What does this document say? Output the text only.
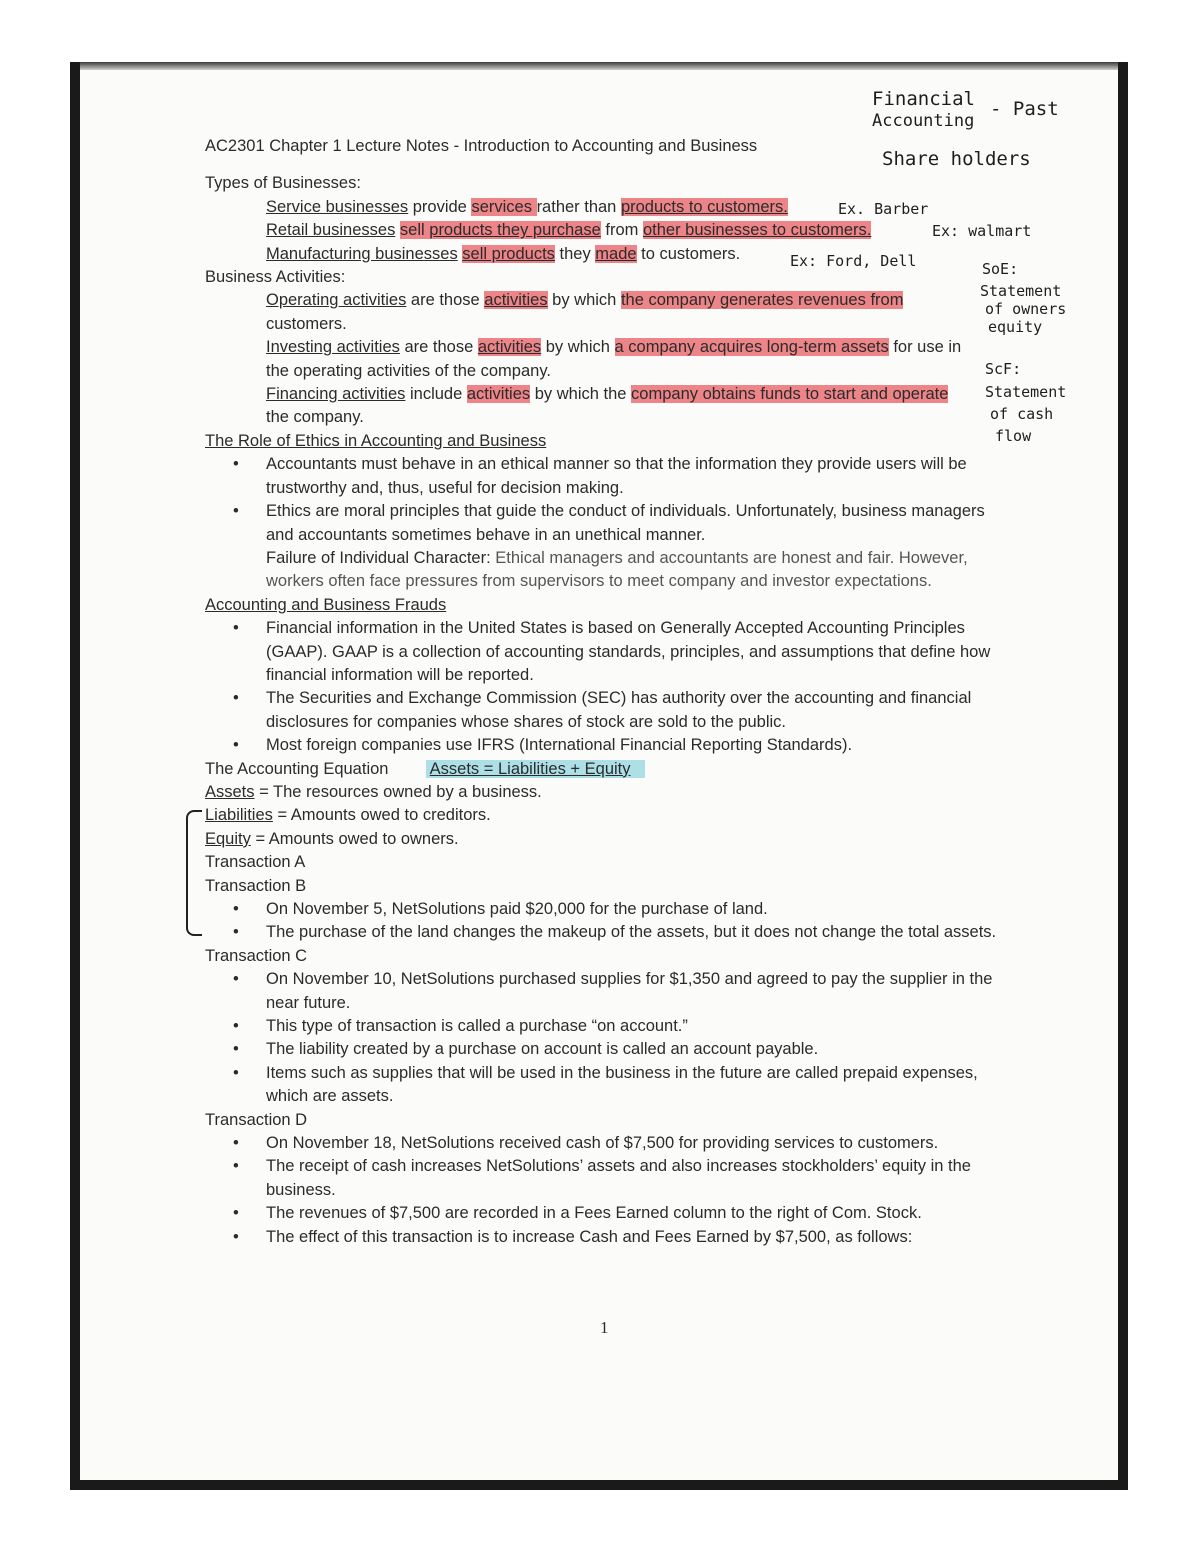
AC2301 Chapter 1 Lecture Notes - Introduction to Accounting and Business
Types of Businesses:
Service businesses provide services rather than products to customers.
Retail businesses sell products they purchase from other businesses to customers.
Manufacturing businesses sell products they made to customers.
Business Activities:
Operating activities are those activities by which the company generates revenues from customers.
Investing activities are those activities by which a company acquires long-term assets for use in the operating activities of the company.
Financing activities include activities by which the company obtains funds to start and operate the company.
The Role of Ethics in Accounting and Business
• Accountants must behave in an ethical manner so that the information they provide users will be trustworthy and, thus, useful for decision making.
• Ethics are moral principles that guide the conduct of individuals. Unfortunately, business managers and accountants sometimes behave in an unethical manner.
Failure of Individual Character: Ethical managers and accountants are honest and fair. However, workers often face pressures from supervisors to meet company and investor expectations.
Accounting and Business Frauds
• Financial information in the United States is based on Generally Accepted Accounting Principles (GAAP). GAAP is a collection of accounting standards, principles, and assumptions that define how financial information will be reported.
• The Securities and Exchange Commission (SEC) has authority over the accounting and financial disclosures for companies whose shares of stock are sold to the public.
• Most foreign companies use IFRS (International Financial Reporting Standards).
The Accounting Equation Assets = Liabilities + Equity
Assets = The resources owned by a business.
Liabilities = Amounts owed to creditors.
Equity = Amounts owed to owners.
Transaction A
Transaction B
• On November 5, NetSolutions paid $20,000 for the purchase of land.
• The purchase of the land changes the makeup of the assets, but it does not change the total assets.
Transaction C
• On November 10, NetSolutions purchased supplies for $1,350 and agreed to pay the supplier in the near future.
• This type of transaction is called a purchase “on account.”
• The liability created by a purchase on account is called an account payable.
• Items such as supplies that will be used in the business in the future are called prepaid expenses, which are assets.
Transaction D
• On November 18, NetSolutions received cash of $7,500 for providing services to customers.
• The receipt of cash increases NetSolutions’ assets and also increases stockholders’ equity in the business.
• The revenues of $7,500 are recorded in a Fees Earned column to the right of Com. Stock.
• The effect of this transaction is to increase Cash and Fees Earned by $7,500, as follows:
1
Financial
Accounting
- Past
Share holders
Ex. Barber
Ex: walmart
Ex: Ford, Dell	SoE:
Statement
of owners
equity
ScF:
Statement
of cash
flow
